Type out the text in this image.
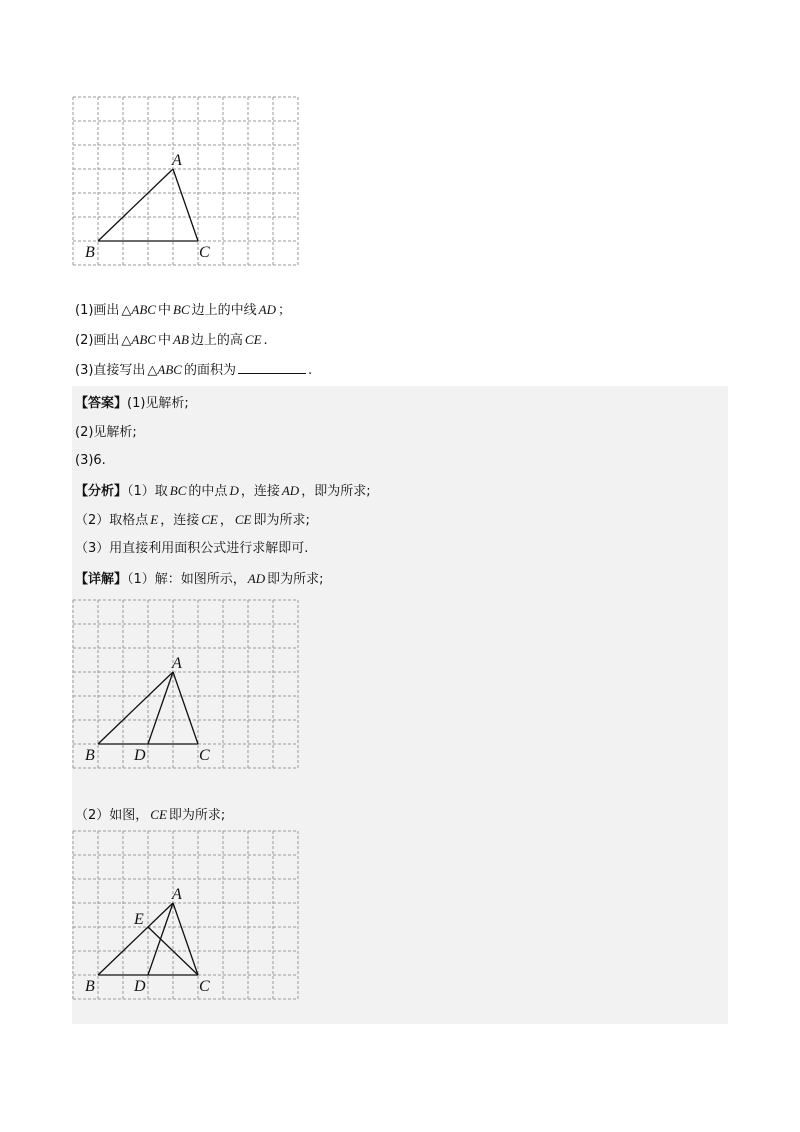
A
B	C
(1)画出 △ABC 中 BC 边上的中线 AD ；
(2)画出 △ABC 中 AB 边上的高 CE .
(3)直接写出 △ABC 的面积为	.
【答案】(1)见解析;
(2)见解析;
(3)6.
【分析】（1）取 BC 的中点 D ，连接 AD ，即为所求;
（2）取格点 E ，连接 CE ， CE 即为所求;
（3）用直接利用面积公式进行求解即可.
【详解】（1）解：如图所示， AD 即为所求;
A
B D	C
（2）如图， CE 即为所求;
A
E
B D	C
